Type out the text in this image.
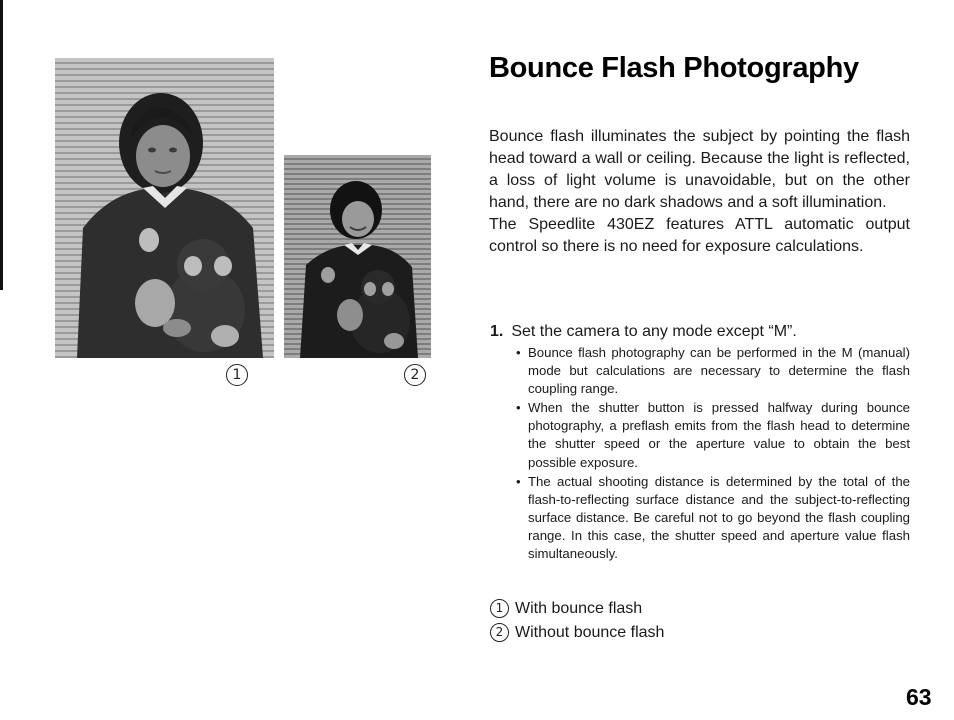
1	2
Bounce Flash Photography
Bounce flash illuminates the subject by pointing the flash head toward a wall or ceiling. Because the light is reflected, a loss of light volume is unavoidable, but on the other hand, there are no dark shadows and a soft illumination.
The Speedlite 430EZ features ATTL automatic output control so there is no need for exposure calculations.

1. Set the camera to any mode except “M”.

• Bounce flash photography can be performed in the M (manual) mode but calculations are necessary to determine the flash coupling range.
• When the shutter button is pressed halfway during bounce photography, a preflash emits from the flash head to determine the shutter speed or the aperture value to obtain the best possible exposure.
• The actual shooting distance is determined by the total of the flash-to-reflecting surface distance and the subject-to-reflecting surface distance. Be careful not to go beyond the flash coupling range. In this case, the shutter speed and aperture value flash simultaneously.
1 With bounce flash
2 Without bounce flash
63
